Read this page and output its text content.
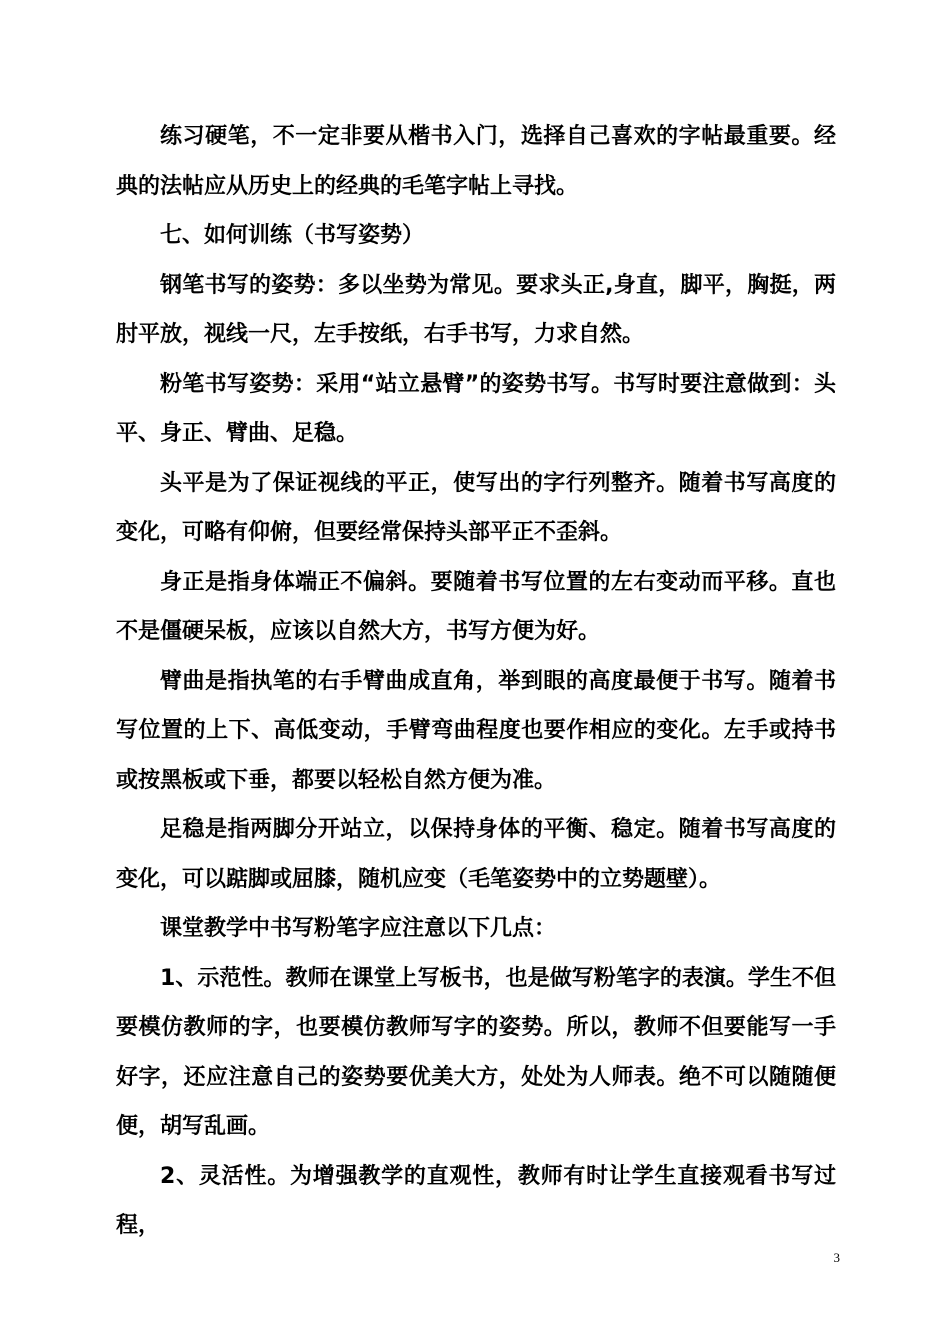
练习硬笔，不一定非要从楷书入门，选择自己喜欢的字帖最重要。经典的法帖应从历史上的经典的毛笔字帖上寻找。

七、如何训练（书写姿势）

钢笔书写的姿势：多以坐势为常见。要求头正,身直，脚平，胸挺，两肘平放，视线一尺，左手按纸，右手书写，力求自然。

粉笔书写姿势：采用“站立悬臂”的姿势书写。书写时要注意做到：头平、身正、臂曲、足稳。

头平是为了保证视线的平正，使写出的字行列整齐。随着书写高度的变化，可略有仰俯，但要经常保持头部平正不歪斜。

身正是指身体端正不偏斜。要随着书写位置的左右变动而平移。直也不是僵硬呆板，应该以自然大方，书写方便为好。

臂曲是指执笔的右手臂曲成直角，举到眼的高度最便于书写。随着书写位置的上下、高低变动，手臂弯曲程度也要作相应的变化。左手或持书或按黑板或下垂，都要以轻松自然方便为准。

足稳是指两脚分开站立，以保持身体的平衡、稳定。随着书写高度的变化，可以踮脚或屈膝，随机应变（毛笔姿势中的立势题壁）。

课堂教学中书写粉笔字应注意以下几点：

1、示范性。教师在课堂上写板书，也是做写粉笔字的表演。学生不但要模仿教师的字，也要模仿教师写字的姿势。所以，教师不但要能写一手好字，还应注意自己的姿势要优美大方，处处为人师表。绝不可以随随便便，胡写乱画。

2、灵活性。为增强教学的直观性，教师有时让学生直接观看书写过程，

3
